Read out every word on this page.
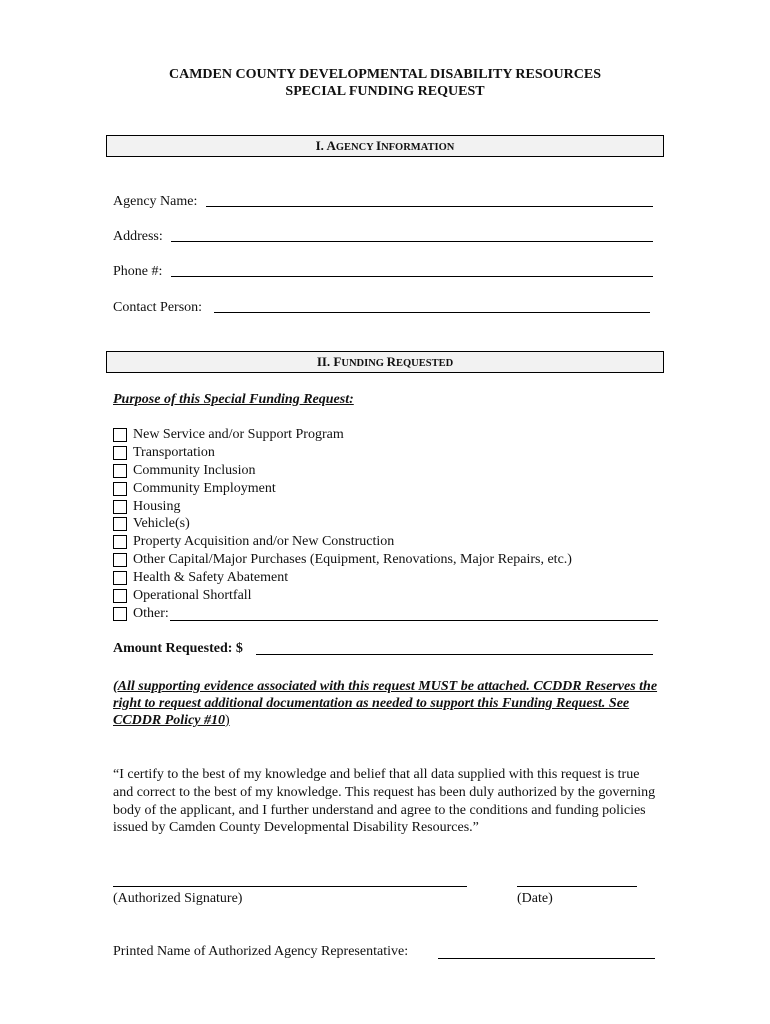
CAMDEN COUNTY DEVELOPMENTAL DISABILITY RESOURCES
SPECIAL FUNDING REQUEST
I. AGENCY INFORMATION
Agency Name:
Address:
Phone #:
Contact Person:
II. FUNDING REQUESTED
Purpose of this Special Funding Request:
New Service and/or Support Program
Transportation
Community Inclusion
Community Employment
Housing
Vehicle(s)
Property Acquisition and/or New Construction
Other Capital/Major Purchases (Equipment, Renovations, Major Repairs, etc.)
Health & Safety Abatement
Operational Shortfall
Other:
Amount Requested: $
(All supporting evidence associated with this request MUST be attached. CCDDR Reserves the right to request additional documentation as needed to support this Funding Request. See CCDDR Policy #10)
“I certify to the best of my knowledge and belief that all data supplied with this request is true and correct to the best of my knowledge. This request has been duly authorized by the governing body of the applicant, and I further understand and agree to the conditions and funding policies issued by Camden County Developmental Disability Resources.”
(Authorized Signature)	(Date)
Printed Name of Authorized Agency Representative:
